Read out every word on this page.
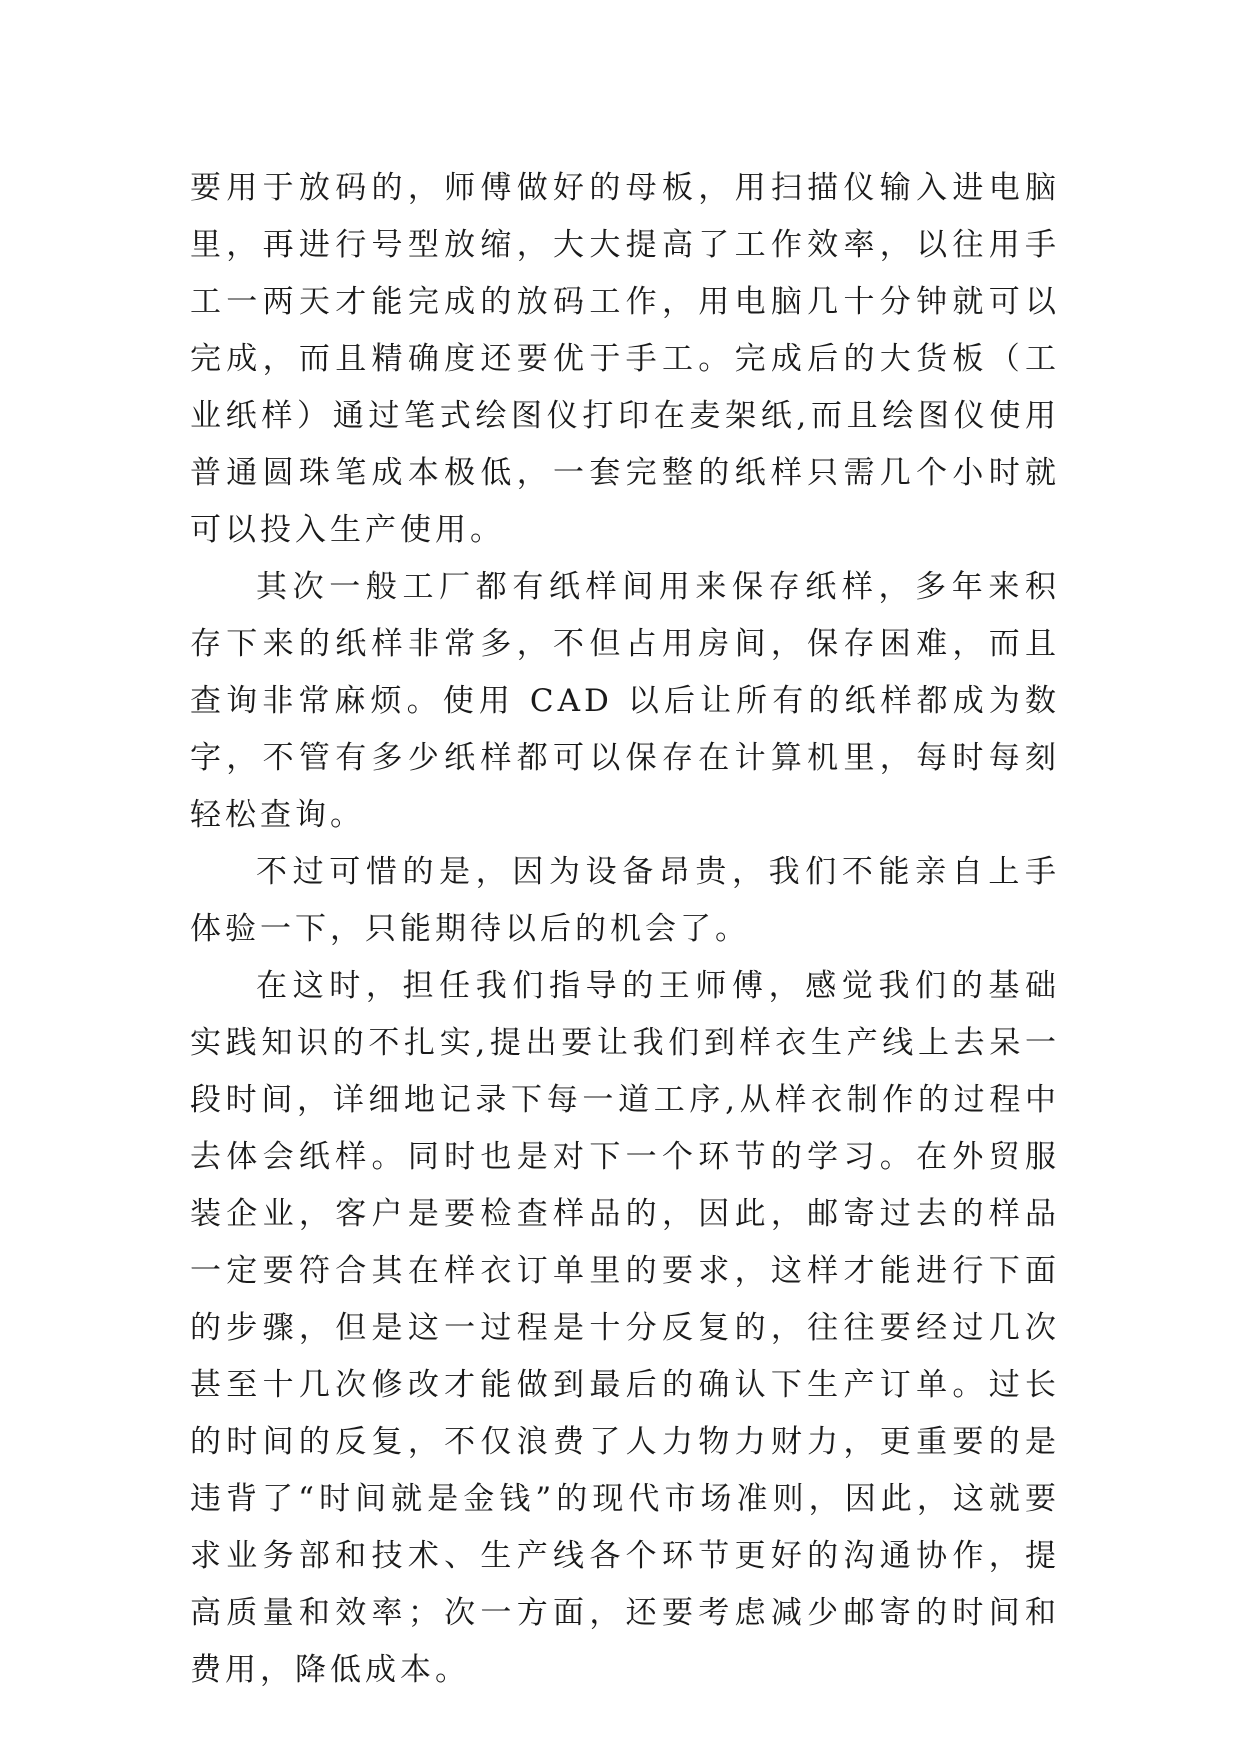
要用于放码的，师傅做好的母板，用扫描仪输入进电脑里，再进行号型放缩，大大提高了工作效率，以往用手工一两天才能完成的放码工作，用电脑几十分钟就可以完成，而且精确度还要优于手工。完成后的大货板（工业纸样）通过笔式绘图仪打印在麦架纸,而且绘图仪使用普通圆珠笔成本极低，一套完整的纸样只需几个小时就可以投入生产使用。

其次一般工厂都有纸样间用来保存纸样，多年来积存下来的纸样非常多，不但占用房间，保存困难，而且查询非常麻烦。使用 CAD 以后让所有的纸样都成为数字，不管有多少纸样都可以保存在计算机里，每时每刻轻松查询。

不过可惜的是，因为设备昂贵，我们不能亲自上手体验一下，只能期待以后的机会了。

在这时，担任我们指导的王师傅，感觉我们的基础实践知识的不扎实,提出要让我们到样衣生产线上去呆一段时间，详细地记录下每一道工序,从样衣制作的过程中去体会纸样。同时也是对下一个环节的学习。在外贸服装企业，客户是要检查样品的，因此，邮寄过去的样品一定要符合其在样衣订单里的要求，这样才能进行下面的步骤，但是这一过程是十分反复的，往往要经过几次甚至十几次修改才能做到最后的确认下生产订单。过长的时间的反复，不仅浪费了人力物力财力，更重要的是违背了“时间就是金钱”的现代市场准则，因此，这就要求业务部和技术、生产线各个环节更好的沟通协作，提高质量和效率；次一方面，还要考虑减少邮寄的时间和费用，降低成本。
